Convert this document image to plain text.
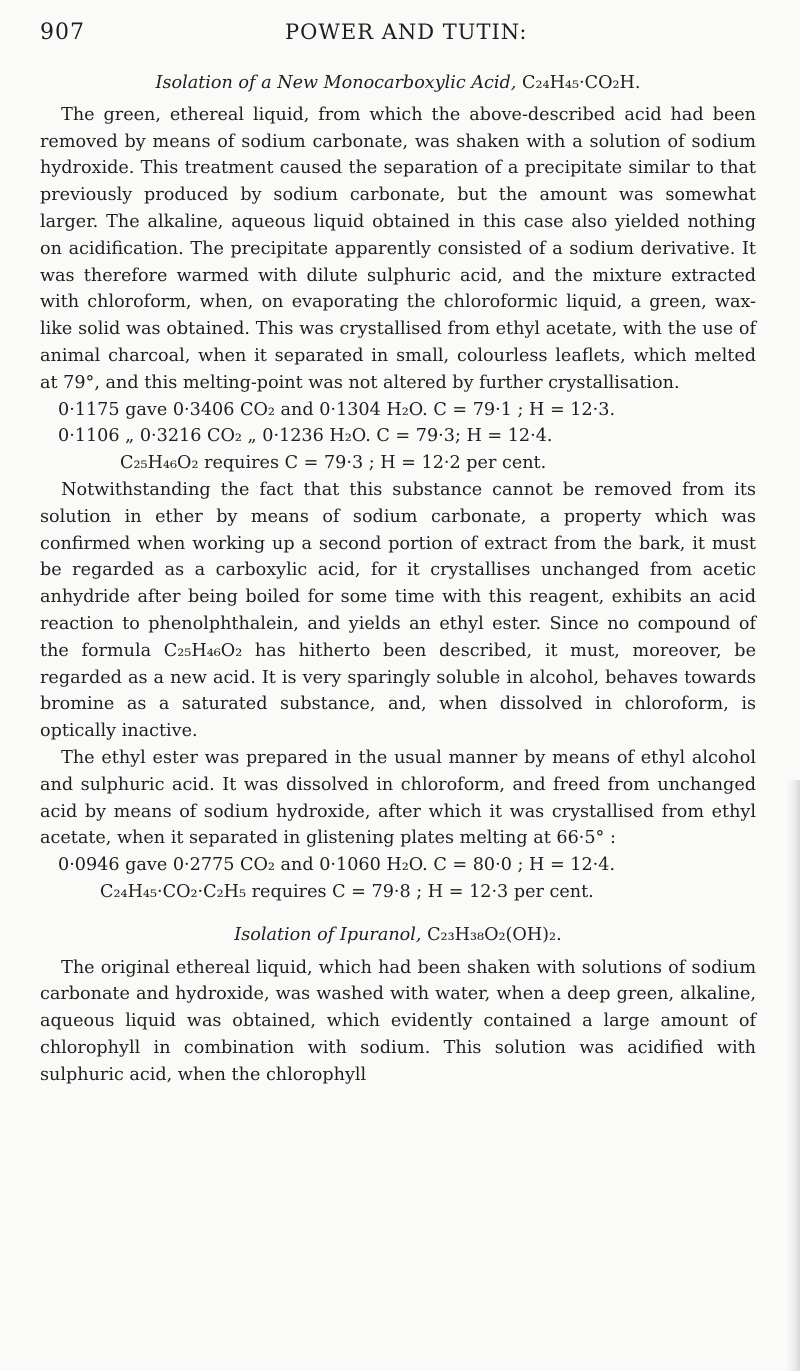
907	POWER AND TUTIN:
Isolation of a New Monocarboxylic Acid, C₂₄H₄₅·CO₂H.

The green, ethereal liquid, from which the above-described acid had been removed by means of sodium carbonate, was shaken with a solution of sodium hydroxide. This treatment caused the separation of a precipitate similar to that previously produced by sodium carbonate, but the amount was somewhat larger. The alkaline, aqueous liquid obtained in this case also yielded nothing on acidification. The precipitate apparently consisted of a sodium derivative. It was therefore warmed with dilute sulphuric acid, and the mixture extracted with chloroform, when, on evaporating the chloroformic liquid, a green, wax-like solid was obtained. This was crystallised from ethyl acetate, with the use of animal charcoal, when it separated in small, colourless leaflets, which melted at 79°, and this melting-point was not altered by further crystallisation.

0·1175 gave 0·3406 CO₂ and 0·1304 H₂O. C = 79·1 ; H = 12·3.
0·1106 „ 0·3216 CO₂ „ 0·1236 H₂O. C = 79·3; H = 12·4.
C₂₅H₄₆O₂ requires C = 79·3 ; H = 12·2 per cent.

Notwithstanding the fact that this substance cannot be removed from its solution in ether by means of sodium carbonate, a property which was confirmed when working up a second portion of extract from the bark, it must be regarded as a carboxylic acid, for it crystallises unchanged from acetic anhydride after being boiled for some time with this reagent, exhibits an acid reaction to phenolphthalein, and yields an ethyl ester. Since no compound of the formula C₂₅H₄₆O₂ has hitherto been described, it must, moreover, be regarded as a new acid. It is very sparingly soluble in alcohol, behaves towards bromine as a saturated substance, and, when dissolved in chloroform, is optically inactive.

The ethyl ester was prepared in the usual manner by means of ethyl alcohol and sulphuric acid. It was dissolved in chloroform, and freed from unchanged acid by means of sodium hydroxide, after which it was crystallised from ethyl acetate, when it separated in glistening plates melting at 66·5° :

0·0946 gave 0·2775 CO₂ and 0·1060 H₂O. C = 80·0 ; H = 12·4.
C₂₄H₄₅·CO₂·C₂H₅ requires C = 79·8 ; H = 12·3 per cent.
Isolation of Ipuranol, C₂₃H₃₈O₂(OH)₂.

The original ethereal liquid, which had been shaken with solutions of sodium carbonate and hydroxide, was washed with water, when a deep green, alkaline, aqueous liquid was obtained, which evidently contained a large amount of chlorophyll in combination with sodium. This solution was acidified with sulphuric acid, when the chlorophyll
